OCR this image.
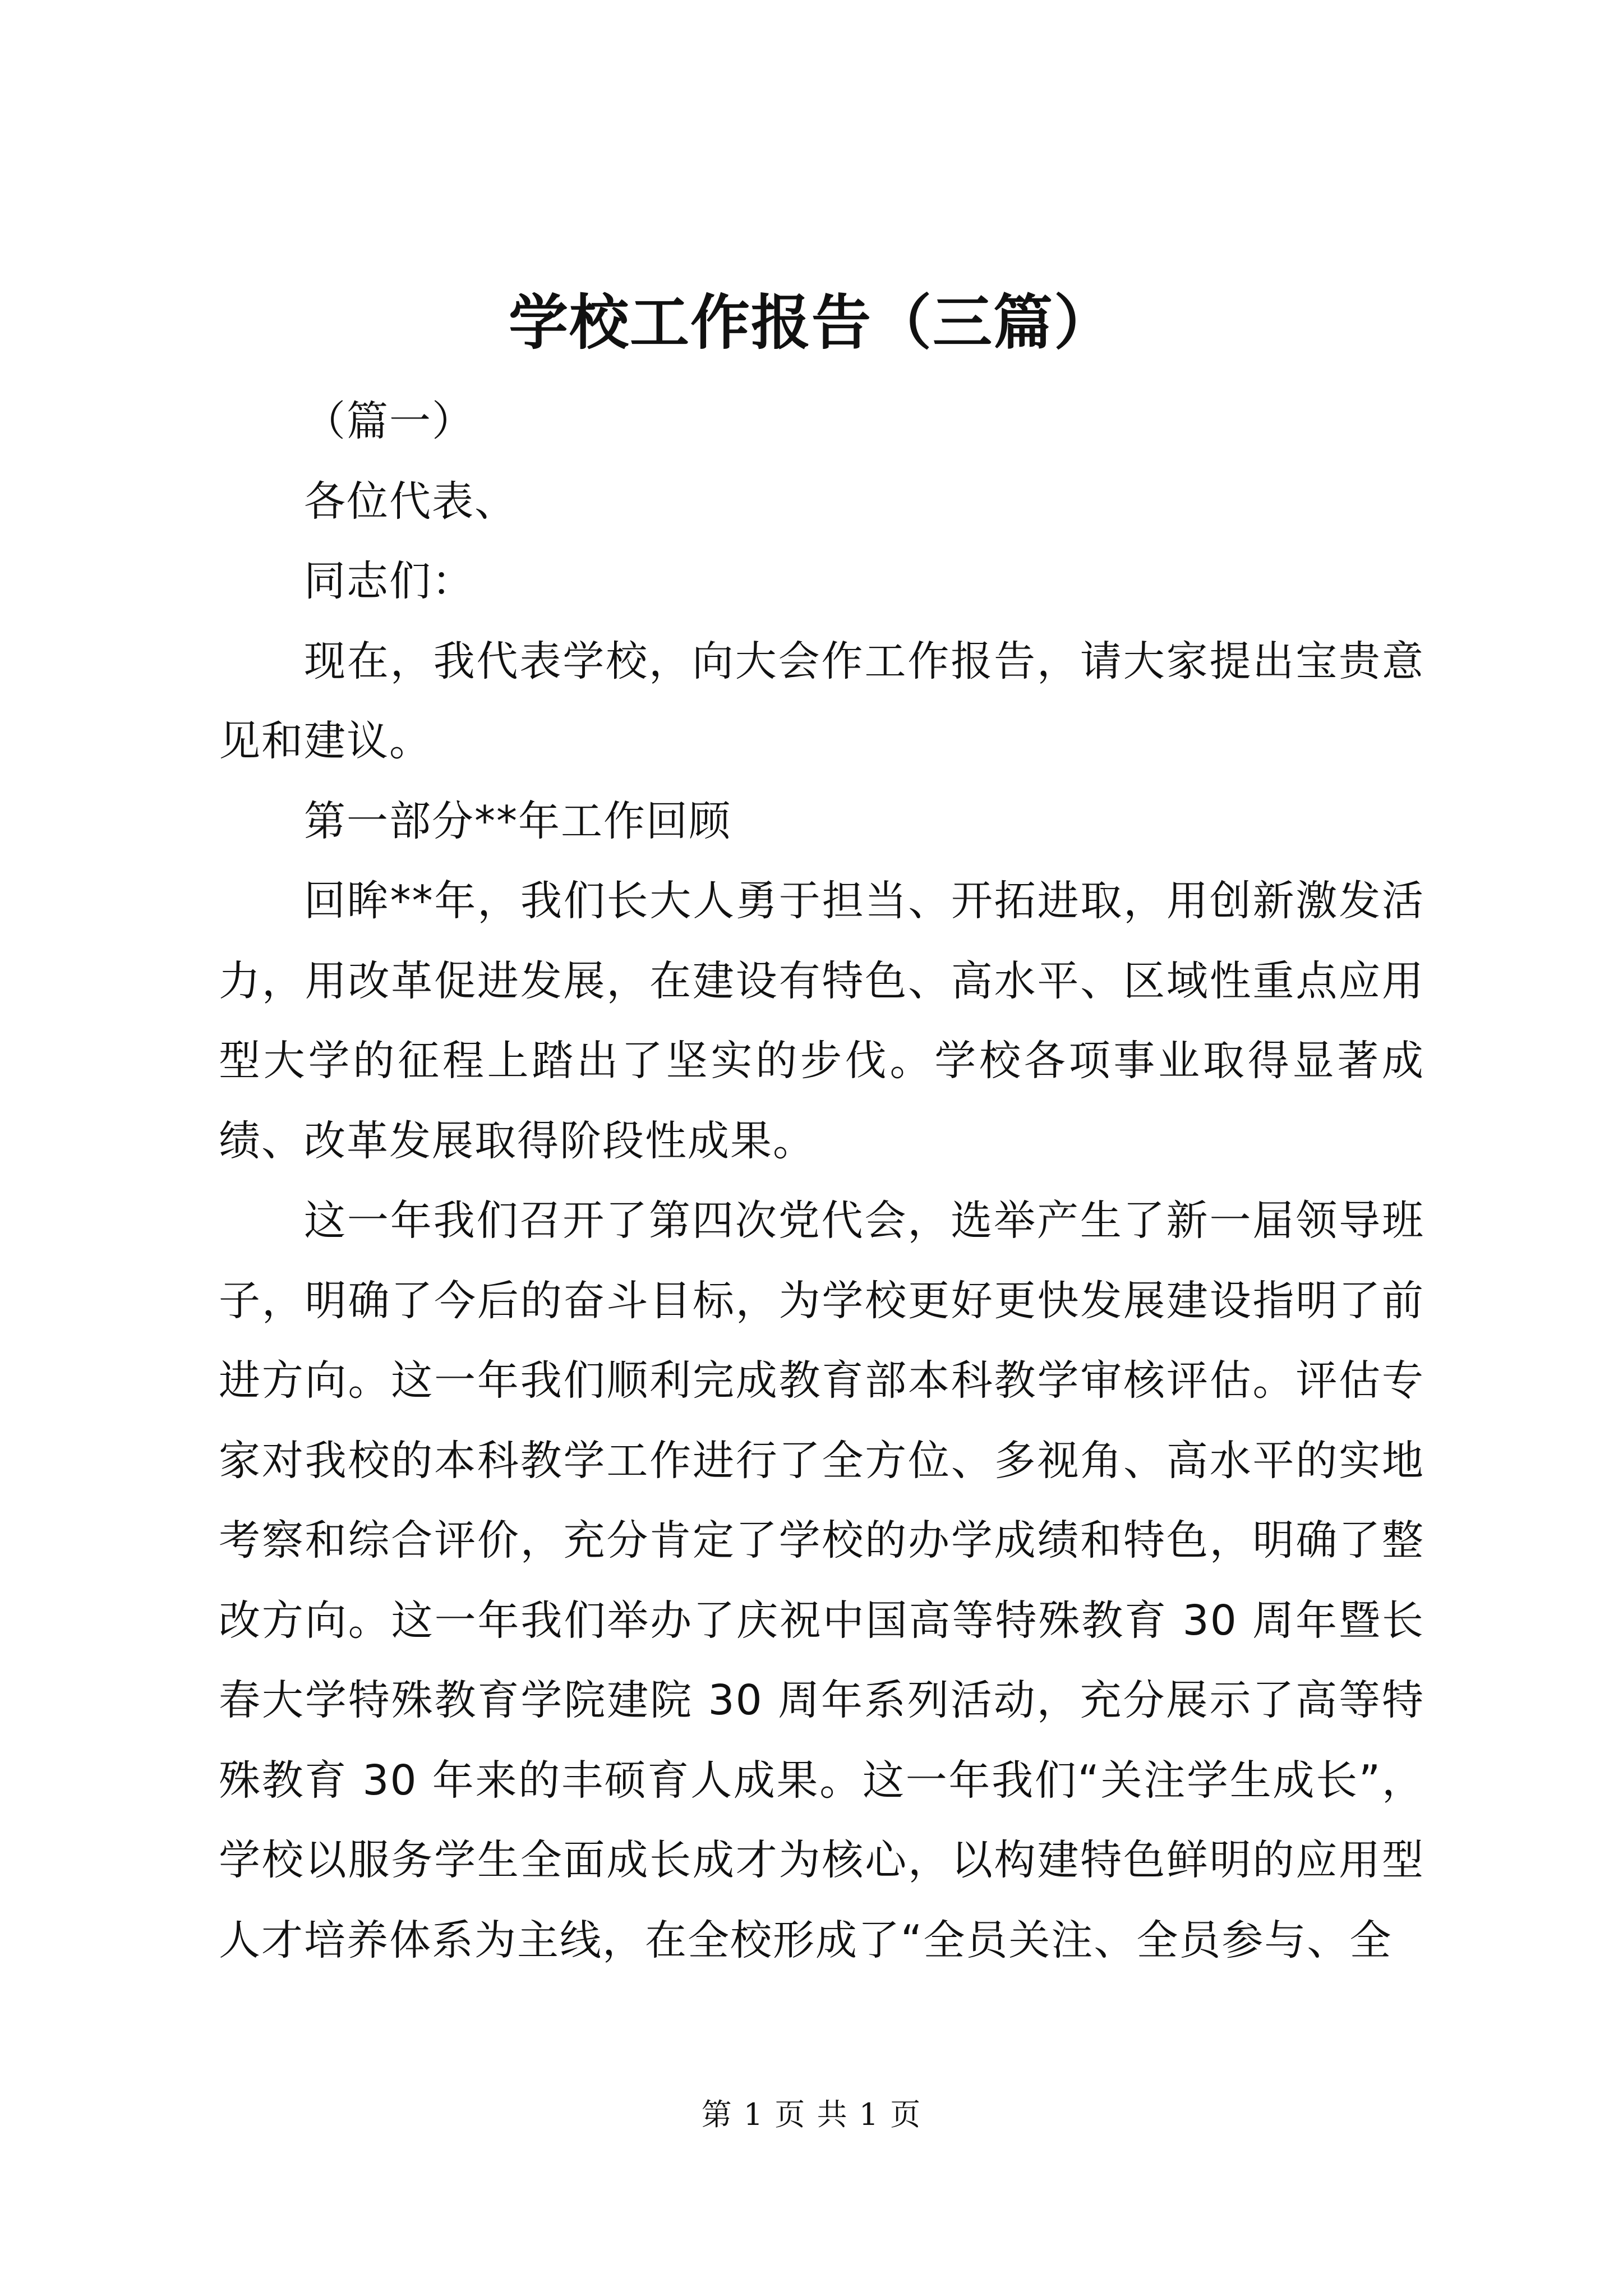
学校工作报告（三篇）

（篇一）

各位代表、

同志们：

现在，我代表学校，向大会作工作报告，请大家提出宝贵意见和建议。

第一部分**年工作回顾

回眸**年，我们长大人勇于担当、开拓进取，用创新激发活力，用改革促进发展，在建设有特色、高水平、区域性重点应用型大学的征程上踏出了坚实的步伐。学校各项事业取得显著成绩、改革发展取得阶段性成果。

这一年我们召开了第四次党代会，选举产生了新一届领导班子，明确了今后的奋斗目标，为学校更好更快发展建设指明了前进方向。这一年我们顺利完成教育部本科教学审核评估。评估专家对我校的本科教学工作进行了全方位、多视角、高水平的实地考察和综合评价，充分肯定了学校的办学成绩和特色，明确了整改方向。这一年我们举办了庆祝中国高等特殊教育 30 周年暨长春大学特殊教育学院建院 30 周年系列活动，充分展示了高等特殊教育 30 年来的丰硕育人成果。这一年我们“关注学生成长”，学校以服务学生全面成长成才为核心，以构建特色鲜明的应用型人才培养体系为主线，在全校形成了“全员关注、全员参与、全

第 1 页 共 1 页
